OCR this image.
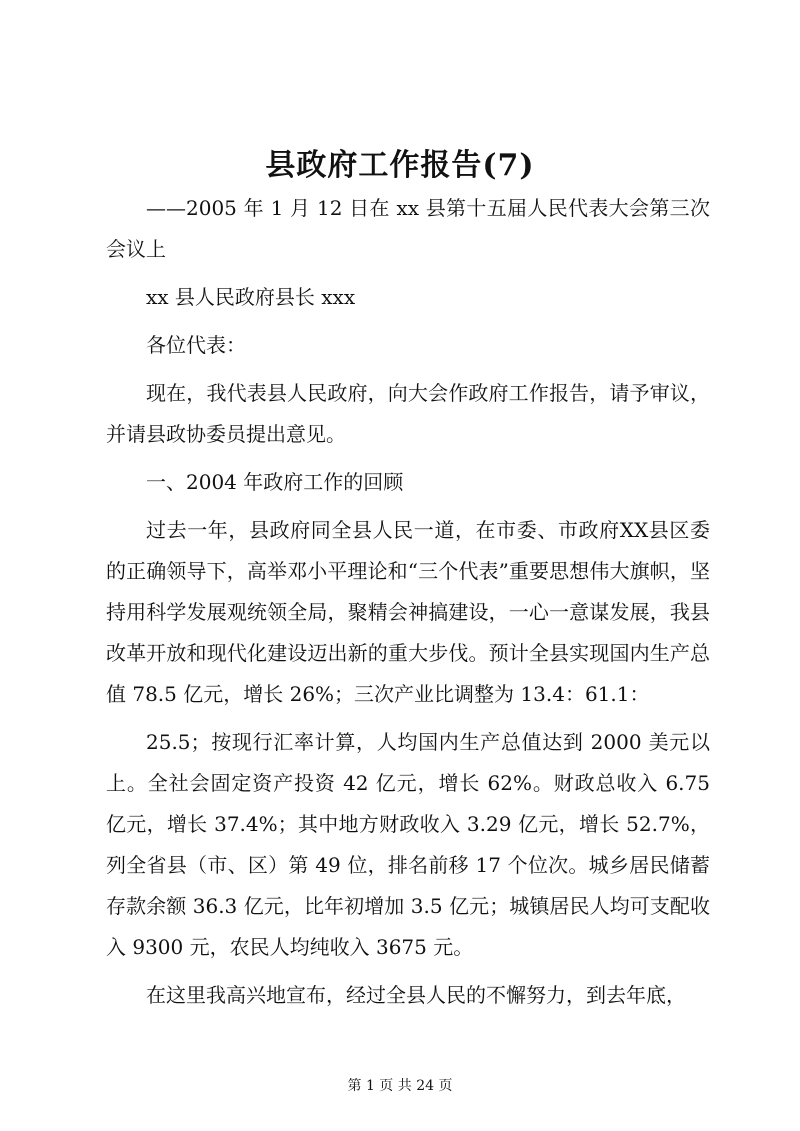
县政府工作报告(7)

——2005 年 1 月 12 日在 xx 县第十五届人民代表大会第三次会议上

xx 县人民政府县长 xxx

各位代表：

现在，我代表县人民政府，向大会作政府工作报告，请予审议，并请县政协委员提出意见。

一、2004 年政府工作的回顾

过去一年，县政府同全县人民一道，在市委、市政府XX县区委的正确领导下，高举邓小平理论和“三个代表”重要思想伟大旗帜，坚持用科学发展观统领全局，聚精会神搞建设，一心一意谋发展，我县改革开放和现代化建设迈出新的重大步伐。预计全县实现国内生产总值 78.5 亿元，增长 26%；三次产业比调整为 13.4：61.1：

25.5；按现行汇率计算，人均国内生产总值达到 2000 美元以上。全社会固定资产投资 42 亿元，增长 62%。财政总收入 6.75 亿元，增长 37.4%；其中地方财政收入 3.29 亿元，增长 52.7%，列全省县（市、区）第 49 位，排名前移 17 个位次。城乡居民储蓄存款余额 36.3 亿元，比年初增加 3.5 亿元；城镇居民人均可支配收入 9300 元，农民人均纯收入 3675 元。

在这里我高兴地宣布，经过全县人民的不懈努力，到去年底，

第 1 页 共 24 页
